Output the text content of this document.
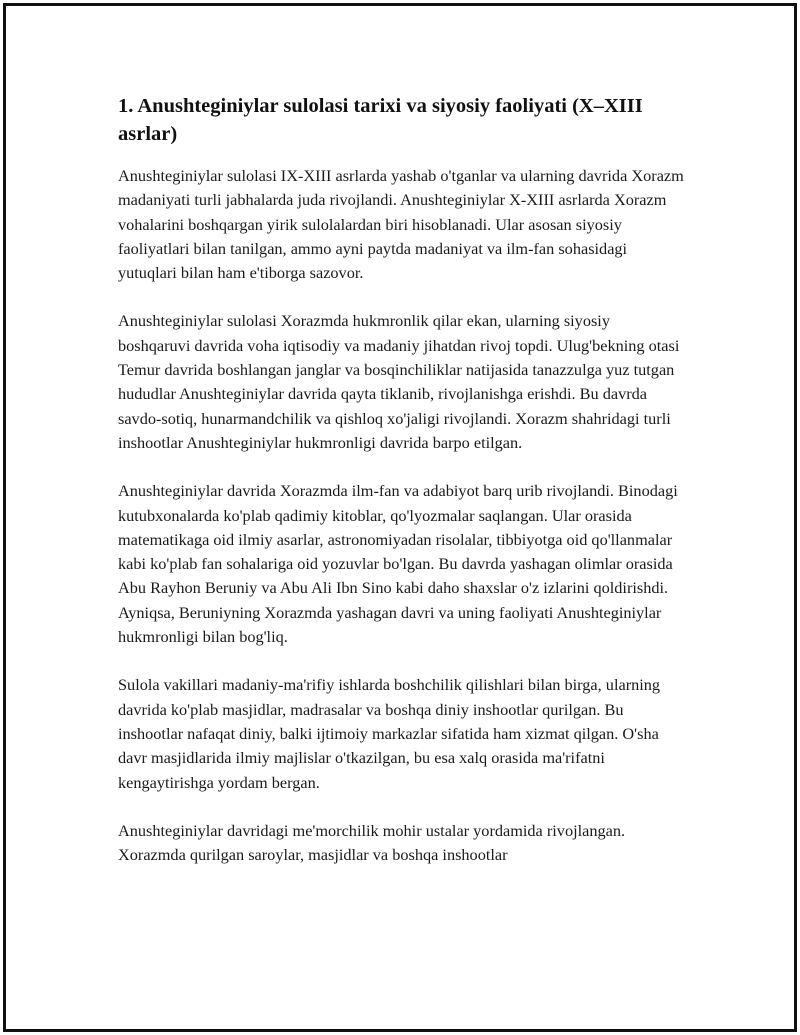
1. Anushteginiylar sulolasi tarixi va siyosiy faoliyati (X–XIII asrlar)

Anushteginiylar sulolasi IX-XIII asrlarda yashab o'tganlar va ularning davrida Xorazm madaniyati turli jabhalarda juda rivojlandi. Anushteginiylar X-XIII asrlarda Xorazm vohalarini boshqargan yirik sulolalardan biri hisoblanadi. Ular asosan siyosiy faoliyatlari bilan tanilgan, ammo ayni paytda madaniyat va ilm-fan sohasidagi yutuqlari bilan ham e'tiborga sazovor.

Anushteginiylar sulolasi Xorazmda hukmronlik qilar ekan, ularning siyosiy boshqaruvi davrida voha iqtisodiy va madaniy jihatdan rivoj topdi. Ulug'bekning otasi Temur davrida boshlangan janglar va bosqinchiliklar natijasida tanazzulga yuz tutgan hududlar Anushteginiylar davrida qayta tiklanib, rivojlanishga erishdi. Bu davrda savdo-sotiq, hunarmandchilik va qishloq xo'jaligi rivojlandi. Xorazm shahridagi turli inshootlar Anushteginiylar hukmronligi davrida barpo etilgan.

Anushteginiylar davrida Xorazmda ilm-fan va adabiyot barq urib rivojlandi. Binodagi kutubxonalarda ko'plab qadimiy kitoblar, qo'lyozmalar saqlangan. Ular orasida matematikaga oid ilmiy asarlar, astronomiyadan risolalar, tibbiyotga oid qo'llanmalar kabi ko'plab fan sohalariga oid yozuvlar bo'lgan. Bu davrda yashagan olimlar orasida Abu Rayhon Beruniy va Abu Ali Ibn Sino kabi daho shaxslar o'z izlarini qoldirishdi. Ayniqsa, Beruniyning Xorazmda yashagan davri va uning faoliyati Anushteginiylar hukmronligi bilan bog'liq.

Sulola vakillari madaniy-ma'rifiy ishlarda boshchilik qilishlari bilan birga, ularning davrida ko'plab masjidlar, madrasalar va boshqa diniy inshootlar qurilgan. Bu inshootlar nafaqat diniy, balki ijtimoiy markazlar sifatida ham xizmat qilgan. O'sha davr masjidlarida ilmiy majlislar o'tkazilgan, bu esa xalq orasida ma'rifatni kengaytirishga yordam bergan.

Anushteginiylar davridagi me'morchilik mohir ustalar yordamida rivojlangan. Xorazmda qurilgan saroylar, masjidlar va boshqa inshootlar
